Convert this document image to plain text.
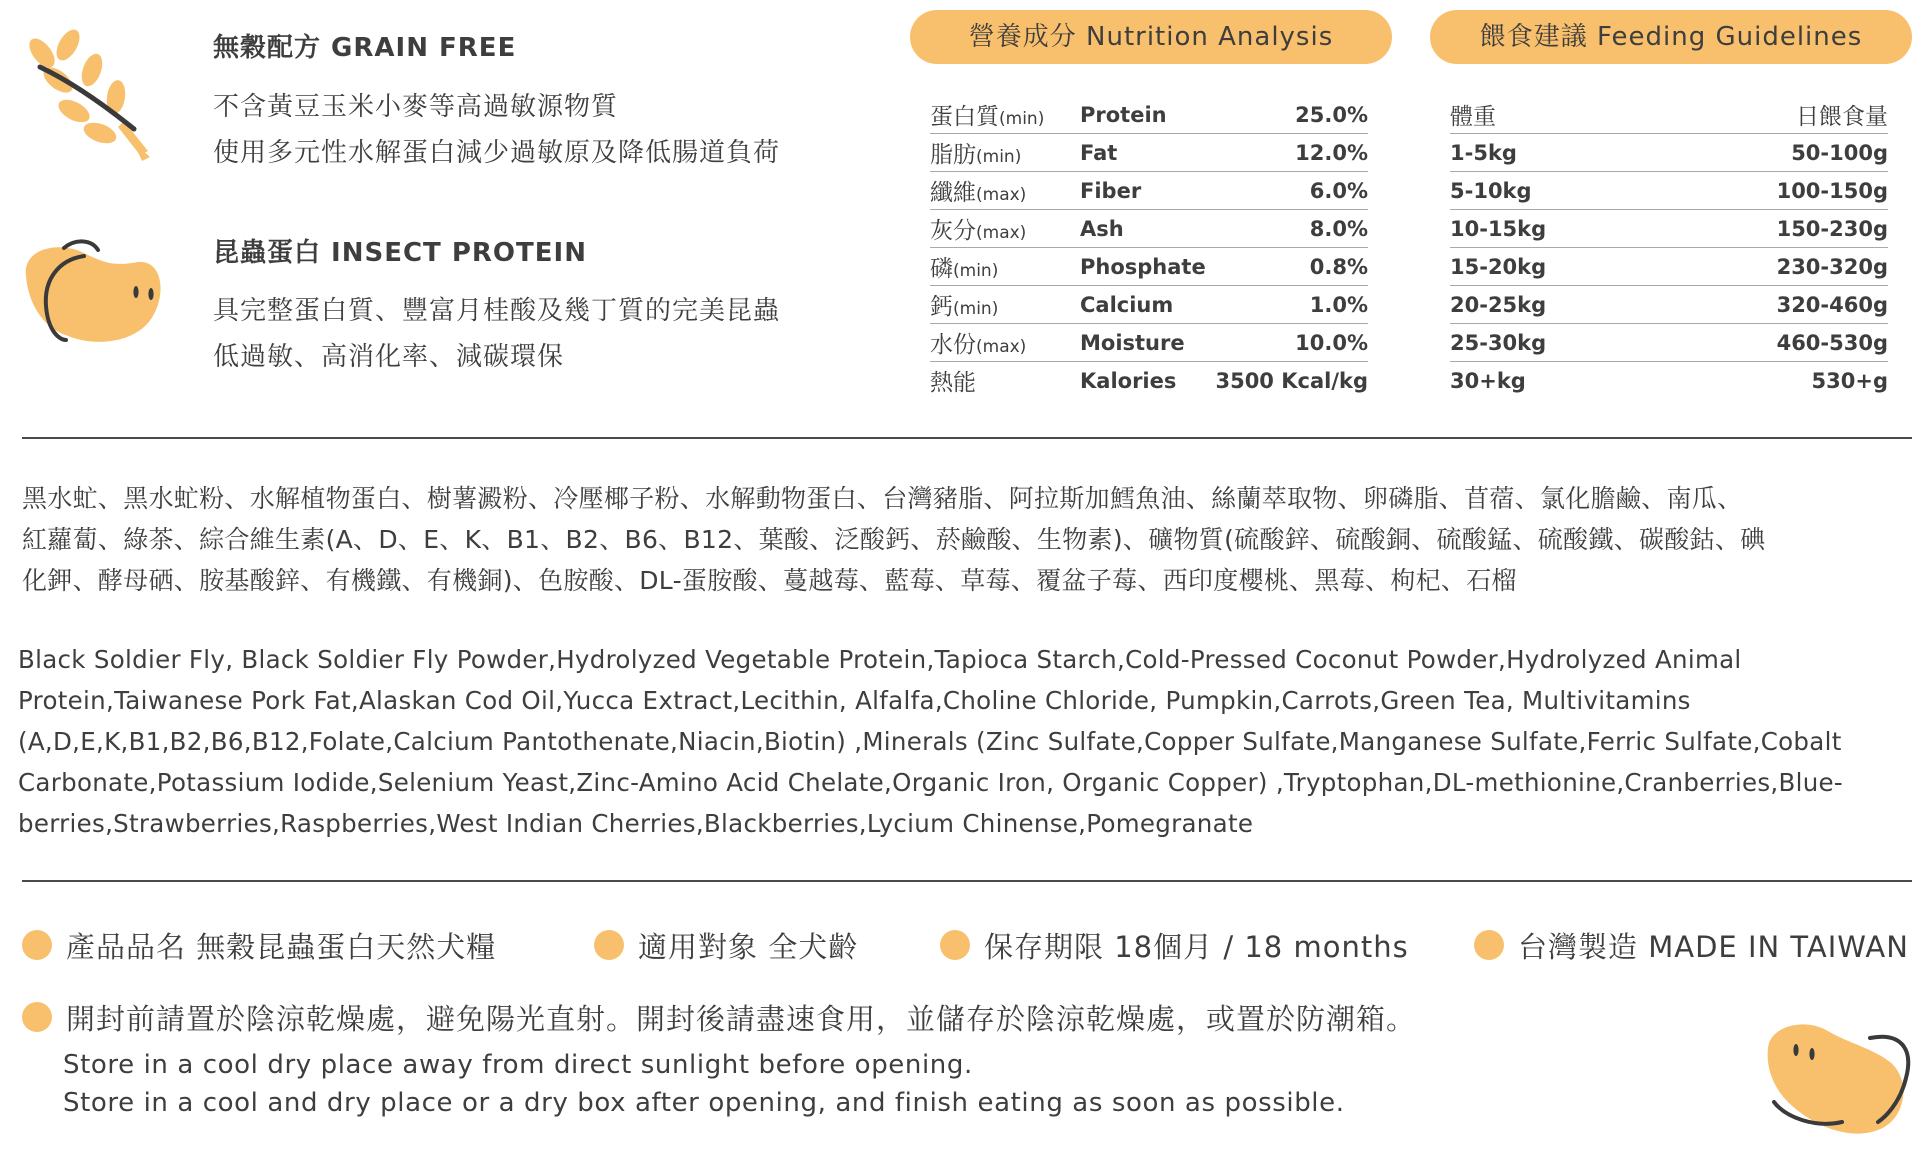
無穀配方 GRAIN FREE
不含黃豆玉米小麥等高過敏源物質
使用多元性水解蛋白減少過敏原及降低腸道負荷
昆蟲蛋白 INSECT PROTEIN
具完整蛋白質、豐富月桂酸及幾丁質的完美昆蟲
低過敏、高消化率、減碳環保
營養成分 Nutrition Analysis
蛋白質(min)	Protein	25.0%
脂肪(min)	Fat	12.0%
纖維(max)	Fiber	6.0%
灰分(max)	Ash	8.0%
磷(min)	Phosphate	0.8%
鈣(min)	Calcium	1.0%
水份(max)	Moisture	10.0%
熱能	Kalories	3500 Kcal/kg
餵食建議 Feeding Guidelines
體重	日餵食量
1-5kg	50-100g
5-10kg	100-150g
10-15kg	150-230g
15-20kg	230-320g
20-25kg	320-460g
25-30kg	460-530g
30+kg	530+g
黑水虻、黑水虻粉、水解植物蛋白、樹薯澱粉、冷壓椰子粉、水解動物蛋白、台灣豬脂、阿拉斯加鱈魚油、絲蘭萃取物、卵磷脂、苜蓿、氯化膽鹼、南瓜、
紅蘿蔔、綠茶、綜合維生素(A、D、E、K、B1、B2、B6、B12、葉酸、泛酸鈣、菸鹼酸、生物素)、礦物質(硫酸鋅、硫酸銅、硫酸錳、硫酸鐵、碳酸鈷、碘
化鉀、酵母硒、胺基酸鋅、有機鐵、有機銅)、色胺酸、DL-蛋胺酸、蔓越莓、藍莓、草莓、覆盆子莓、西印度櫻桃、黑莓、枸杞、石榴
Black Soldier Fly, Black Soldier Fly Powder,Hydrolyzed Vegetable Protein,Tapioca Starch,Cold-Pressed Coconut Powder,Hydrolyzed Animal
Protein,Taiwanese Pork Fat,Alaskan Cod Oil,Yucca Extract,Lecithin, Alfalfa,Choline Chloride, Pumpkin,Carrots,Green Tea, Multivitamins
(A,D,E,K,B1,B2,B6,B12,Folate,Calcium Pantothenate,Niacin,Biotin) ,Minerals (Zinc Sulfate,Copper Sulfate,Manganese Sulfate,Ferric Sulfate,Cobalt
Carbonate,Potassium Iodide,Selenium Yeast,Zinc-Amino Acid Chelate,Organic Iron, Organic Copper) ,Tryptophan,DL-methionine,Cranberries,Blue-
berries,Strawberries,Raspberries,West Indian Cherries,Blackberries,Lycium Chinense,Pomegranate
產品品名 無穀昆蟲蛋白天然犬糧	適用對象 全犬齡	保存期限 18個月 / 18 months	台灣製造 MADE IN TAIWAN
開封前請置於陰涼乾燥處，避免陽光直射。開封後請盡速食用，並儲存於陰涼乾燥處，或置於防潮箱。
Store in a cool dry place away from direct sunlight before opening.
Store in a cool and dry place or a dry box after opening, and finish eating as soon as possible.
